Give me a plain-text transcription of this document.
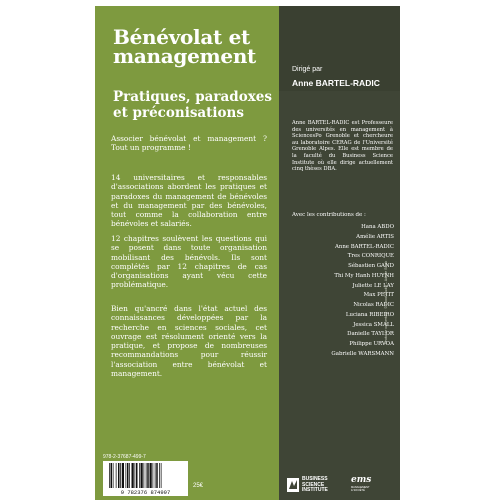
Bénévolat et management
Pratiques, paradoxes et préconisations
Associer bénévolat et management ? Tout un programme !
14 universitaires et responsables d'associations abordent les pratiques et paradoxes du management de bénévoles et du management par des bénévoles, tout comme la collaboration entre bénévoles et salariés.
12 chapitres soulèvent les questions qui se posent dans toute organisation mobilisant des bénévols. Ils sont complétés par 12 chapitres de cas d'organisations ayant vécu cette problématique.
Bien qu'ancré dans l'état actuel des connaissances développées par la recherche en sciences sociales, cet ouvrage est résolument orienté vers la pratique, et propose de nombreuses recommandations pour réussir l'association entre bénévolat et management.
978-2-37687-499-7
9 782376 874997
25€
Dirigé par
Anne BARTEL-RADIC
Anne BARTEL-RADIC est Professeure des universités en management à SciencesPo Grenoble et chercheure au laboratoire CERAG de l'Université Grenoble Alpes. Elle est membre de la faculté du Business Science Institute où elle dirige actuellement cinq thèses DBA.
Avec les contributions de :
Hana ABDO
Amélie ARTIS
Anne BARTEL-RADIC
Tres CONRIQUE
Sébastien GAND
Thi My Hanh HUYNH
Juliette LE LAY
Max PETIT
Nicolas RADIC
Luciana RIBEIRO
Jessica SMALL
Danielle TAYLOR
Philippe URVOA
Gabrielle WARSMANN
Photo de couverture : © Good Studio – Adobe Stock
BUSINESS
SCIENCE
INSTITUTE
ems
MANAGEMENT
& SOCIÉTÉ
